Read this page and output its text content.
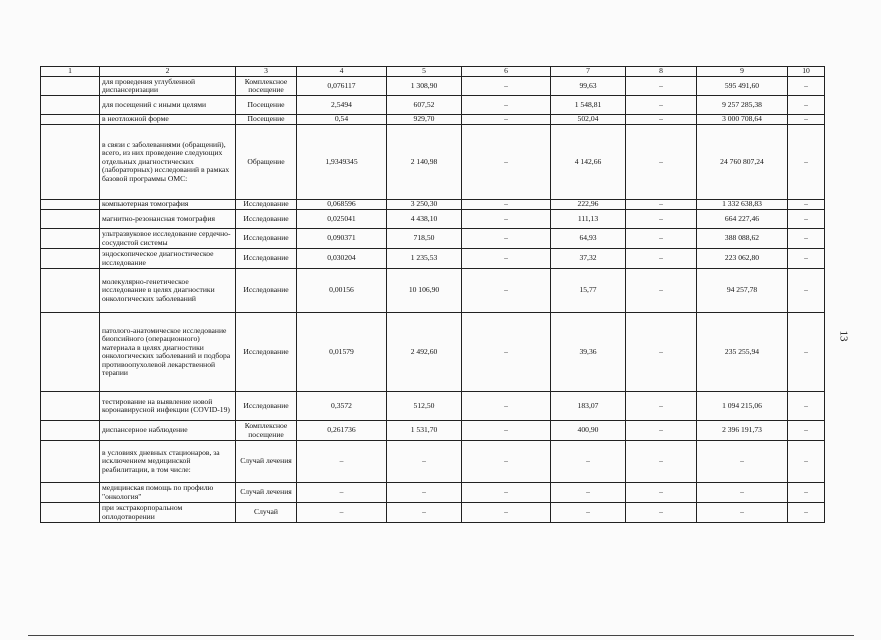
1	2	3	4	5	6	7	8	9	10
	для проведения углубленной диспансеризации	Комплексное посещение	0,076117	1 308,90	–	99,63	–	595 491,60	–
	для посещений с иными целями	Посещение	2,5494	607,52	–	1 548,81	–	9 257 285,38	–
	в неотложной форме	Посещение	0,54	929,70	–	502,04	–	3 000 708,64	–
	в связи с заболеваниями (обращений), всего, из них проведение следующих отдельных диагностических (лабораторных) исследований в рамках базовой программы ОМС:	Обращение	1,9349345	2 140,98	–	4 142,66	–	24 760 807,24	–
	компьютерная томография	Исследование	0,068596	3 250,30	–	222,96	–	1 332 638,83	–
	магнитно-резонансная томография	Исследование	0,025041	4 438,10	–	111,13	–	664 227,46	–
	ультразвуковое исследование сердечно-сосудистой системы	Исследование	0,090371	718,50	–	64,93	–	388 088,62	–
	эндоскопическое диагностическое исследование	Исследование	0,030204	1 235,53	–	37,32	–	223 062,80	–
	молекулярно-генетическое исследование в целях диагностики онкологических заболеваний	Исследование	0,00156	10 106,90	–	15,77	–	94 257,78	–
	патолого-анатомическое исследование биопсийного (операционного) материала в целях диагностики онкологических заболеваний и подбора противоопухолевой лекарственной терапии	Исследование	0,01579	2 492,60	–	39,36	–	235 255,94	–
	тестирование на выявление новой коронавирусной инфекции (COVID-19)	Исследование	0,3572	512,50	–	183,07	–	1 094 215,06	–
	диспансерное наблюдение	Комплексное посещение	0,261736	1 531,70	–	400,90	–	2 396 191,73	–
	в условиях дневных стационаров, за исключением медицинской реабилитации, в том числе:	Случай лечения	–	–	–	–	–	–	–
	медицинская помощь по профилю "онкология"	Случай лечения	–	–	–	–	–	–	–
	при экстракорпоральном оплодотворении	Случай	–	–	–	–	–	–	–
13
